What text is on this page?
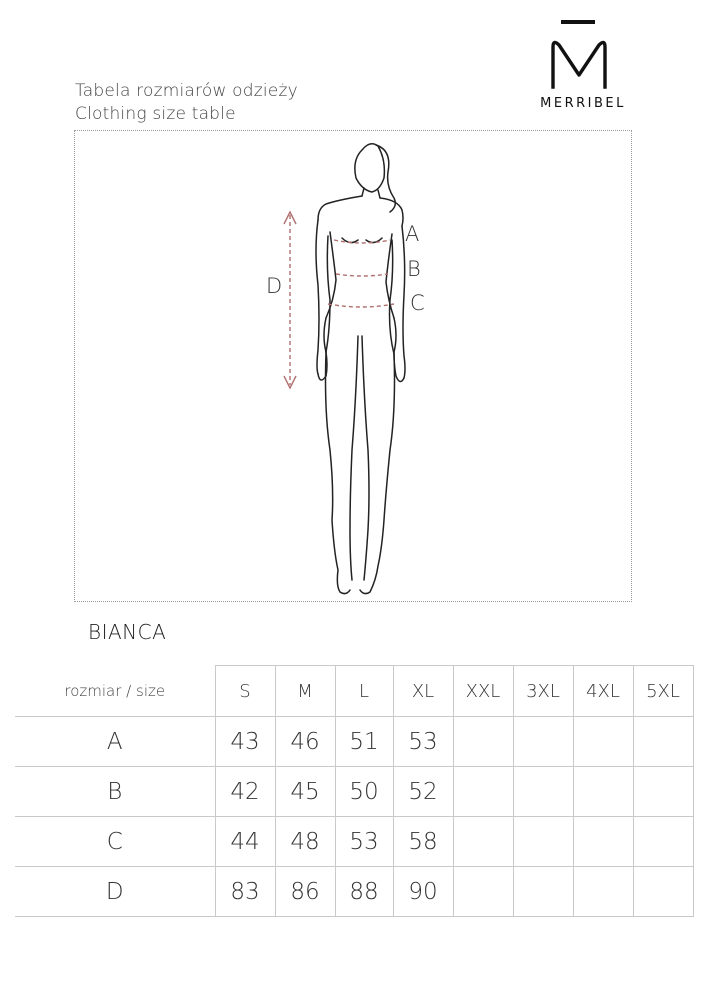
Tabela rozmiarów odzieży
Clothing size table
MERRIBEL
A
B
C
D
BIANCA
rozmiar / size	S	M	L	XL	XXL	3XL	4XL	5XL
A	43	46	51	53				
B	42	45	50	52				
C	44	48	53	58				
D	83	86	88	90				
